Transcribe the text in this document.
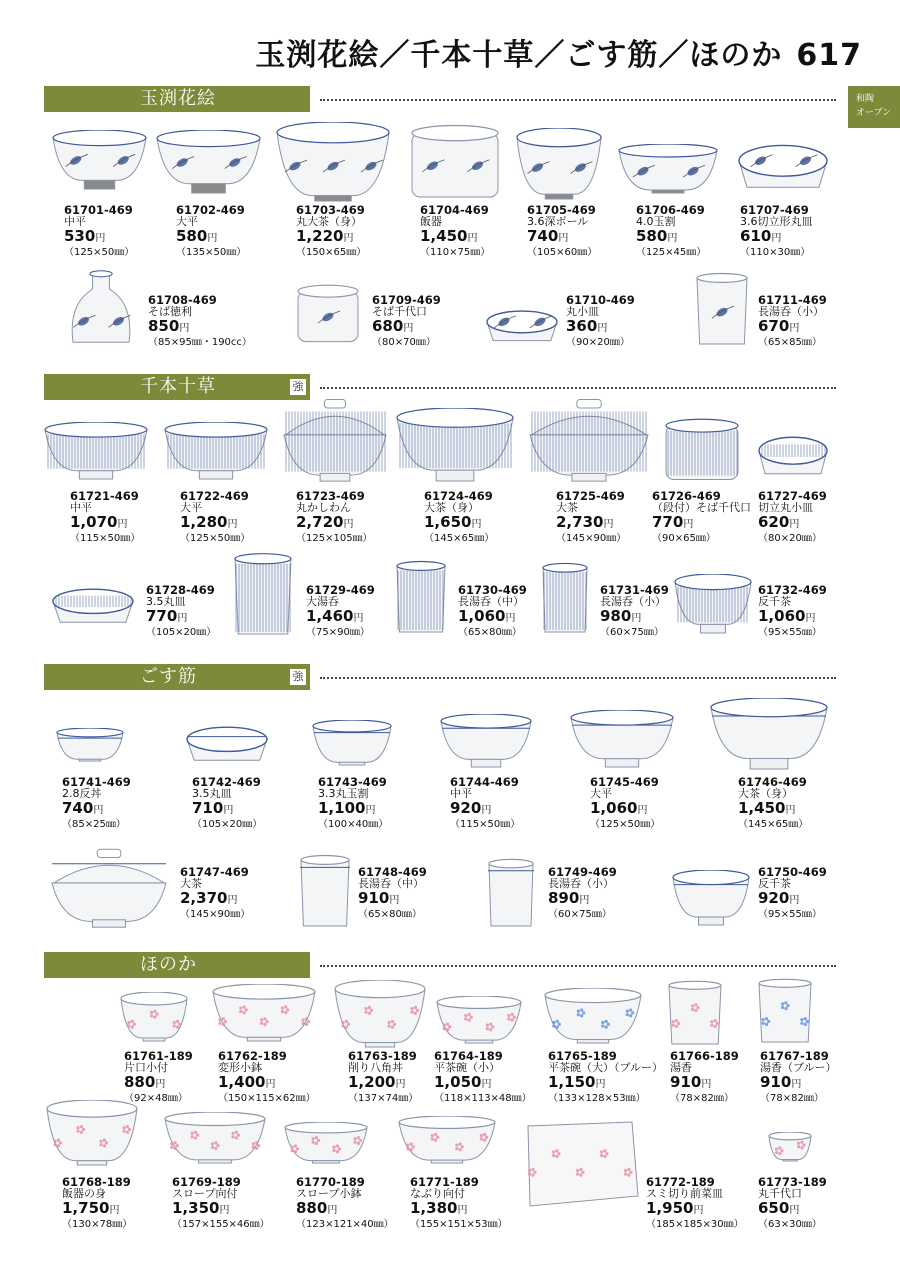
玉渕花絵／千本十草／ごす筋／ほのか 617
和陶
オーブン
玉渕花絵
61701-469
中平
530円
（125×50㎜）
61702-469
大平
580円
（135×50㎜）
61703-469
丸大茶（身）
1,220円
（150×65㎜）
61704-469
飯器
1,450円
（110×75㎜）
61705-469
3.6深ボール
740円
（105×60㎜）
61706-469
4.0玉割
580円
（125×45㎜）
61707-469
3.6切立形丸皿
610円
（110×30㎜）
61708-469
そば徳利
850円
（85×95㎜・190cc）
61709-469
そば千代口
680円
（80×70㎜）
61710-469
丸小皿
360円
（90×20㎜）
61711-469
長湯呑（小）
670円
（65×85㎜）
千本十草	強
61721-469
中平
1,070円
（115×50㎜）
61722-469
大平
1,280円
（125×50㎜）
61723-469
丸かしわん
2,720円
（125×105㎜）
61724-469
大茶（身）
1,650円
（145×65㎜）
61725-469
大茶
2,730円
（145×90㎜）
61726-469
（段付）そば千代口
770円
（90×65㎜）
61727-469
切立丸小皿
620円
（80×20㎜）
61728-469
3.5丸皿
770円
（105×20㎜）
61729-469
大湯呑
1,460円
（75×90㎜）
61730-469
長湯呑（中）
1,060円
（65×80㎜）
61731-469
長湯呑（小）
980円
（60×75㎜）
61732-469
反千茶
1,060円
（95×55㎜）
ごす筋	強
61741-469
2.8反丼
740円
（85×25㎜）
61742-469
3.5丸皿
710円
（105×20㎜）
61743-469
3.3丸玉割
1,100円
（100×40㎜）
61744-469
中平
920円
（115×50㎜）
61745-469
大平
1,060円
（125×50㎜）
61746-469
大茶（身）
1,450円
（145×65㎜）
61747-469
大茶
2,370円
（145×90㎜）
61748-469
長湯呑（中）
910円
（65×80㎜）
61749-469
長湯呑（小）
890円
（60×75㎜）
61750-469
反千茶
920円
（95×55㎜）
ほのか
61761-189
片口小付
880円
（92×48㎜）
61762-189
変形小鉢
1,400円
（150×115×62㎜）
61763-189
削り八角丼
1,200円
（137×74㎜）
61764-189
平茶碗（小）
1,050円
（118×113×48㎜）
61765-189
平茶碗（大）（ブルー）
1,150円
（133×128×53㎜）
61766-189
湯香
910円
（78×82㎜）
61767-189
湯香（ブルー）
910円
（78×82㎜）
61768-189
飯器の身
1,750円
（130×78㎜）
61769-189
スロープ向付
1,350円
（157×155×46㎜）
61770-189
スロープ小鉢
880円
（123×121×40㎜）
61771-189
なぶり向付
1,380円
（155×151×53㎜）
61772-189
スミ切り前菜皿
1,950円
（185×185×30㎜）
61773-189
丸千代口
650円
（63×30㎜）
